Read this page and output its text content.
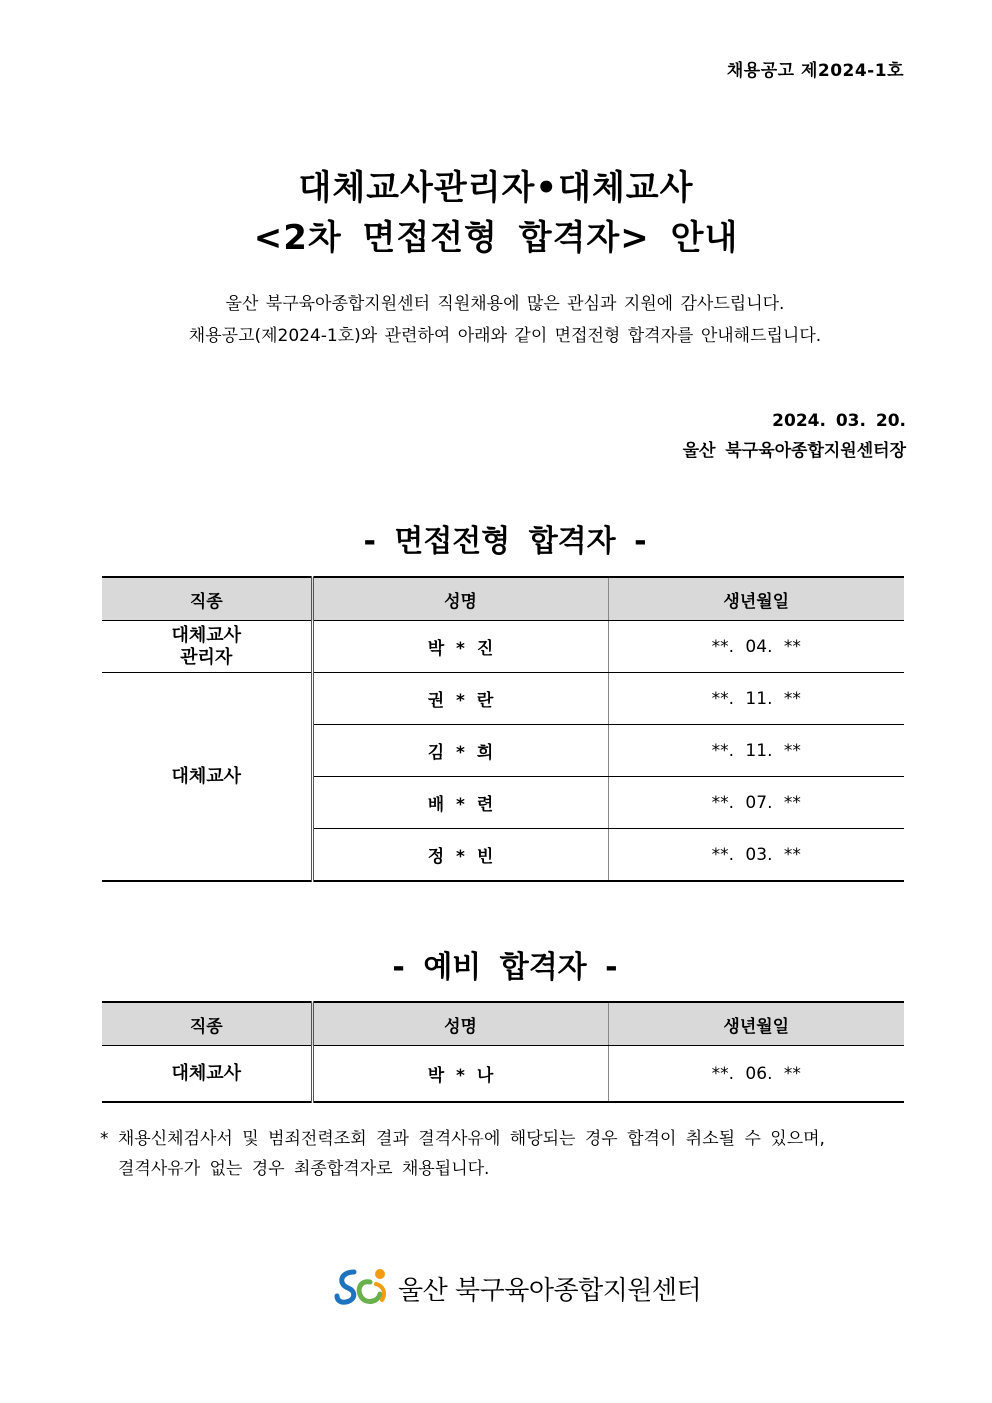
채용공고 제2024-1호
대체교사관리자•대체교사
<2차 면접전형 합격자> 안내
울산 북구육아종합지원센터 직원채용에 많은 관심과 지원에 감사드립니다.
채용공고(제2024-1호)와 관련하여 아래와 같이 면접전형 합격자를 안내해드립니다.
2024. 03. 20.
울산 북구육아종합지원센터장
- 면접전형 합격자 -
직종	성명	생년월일
대체교사
관리자	박 * 진	**. 04. **
대체교사	권 * 란	**. 11. **
	김 * 희	**. 11. **
	배 * 련	**. 07. **
	정 * 빈	**. 03. **
- 예비 합격자 -
직종	성명	생년월일
대체교사	박 * 나	**. 06. **
* 채용신체검사서 및 범죄전력조회 결과 결격사유에 해당되는 경우 합격이 취소될 수 있으며,
결격사유가 없는 경우 최종합격자로 채용됩니다.
울산 북구육아종합지원센터
